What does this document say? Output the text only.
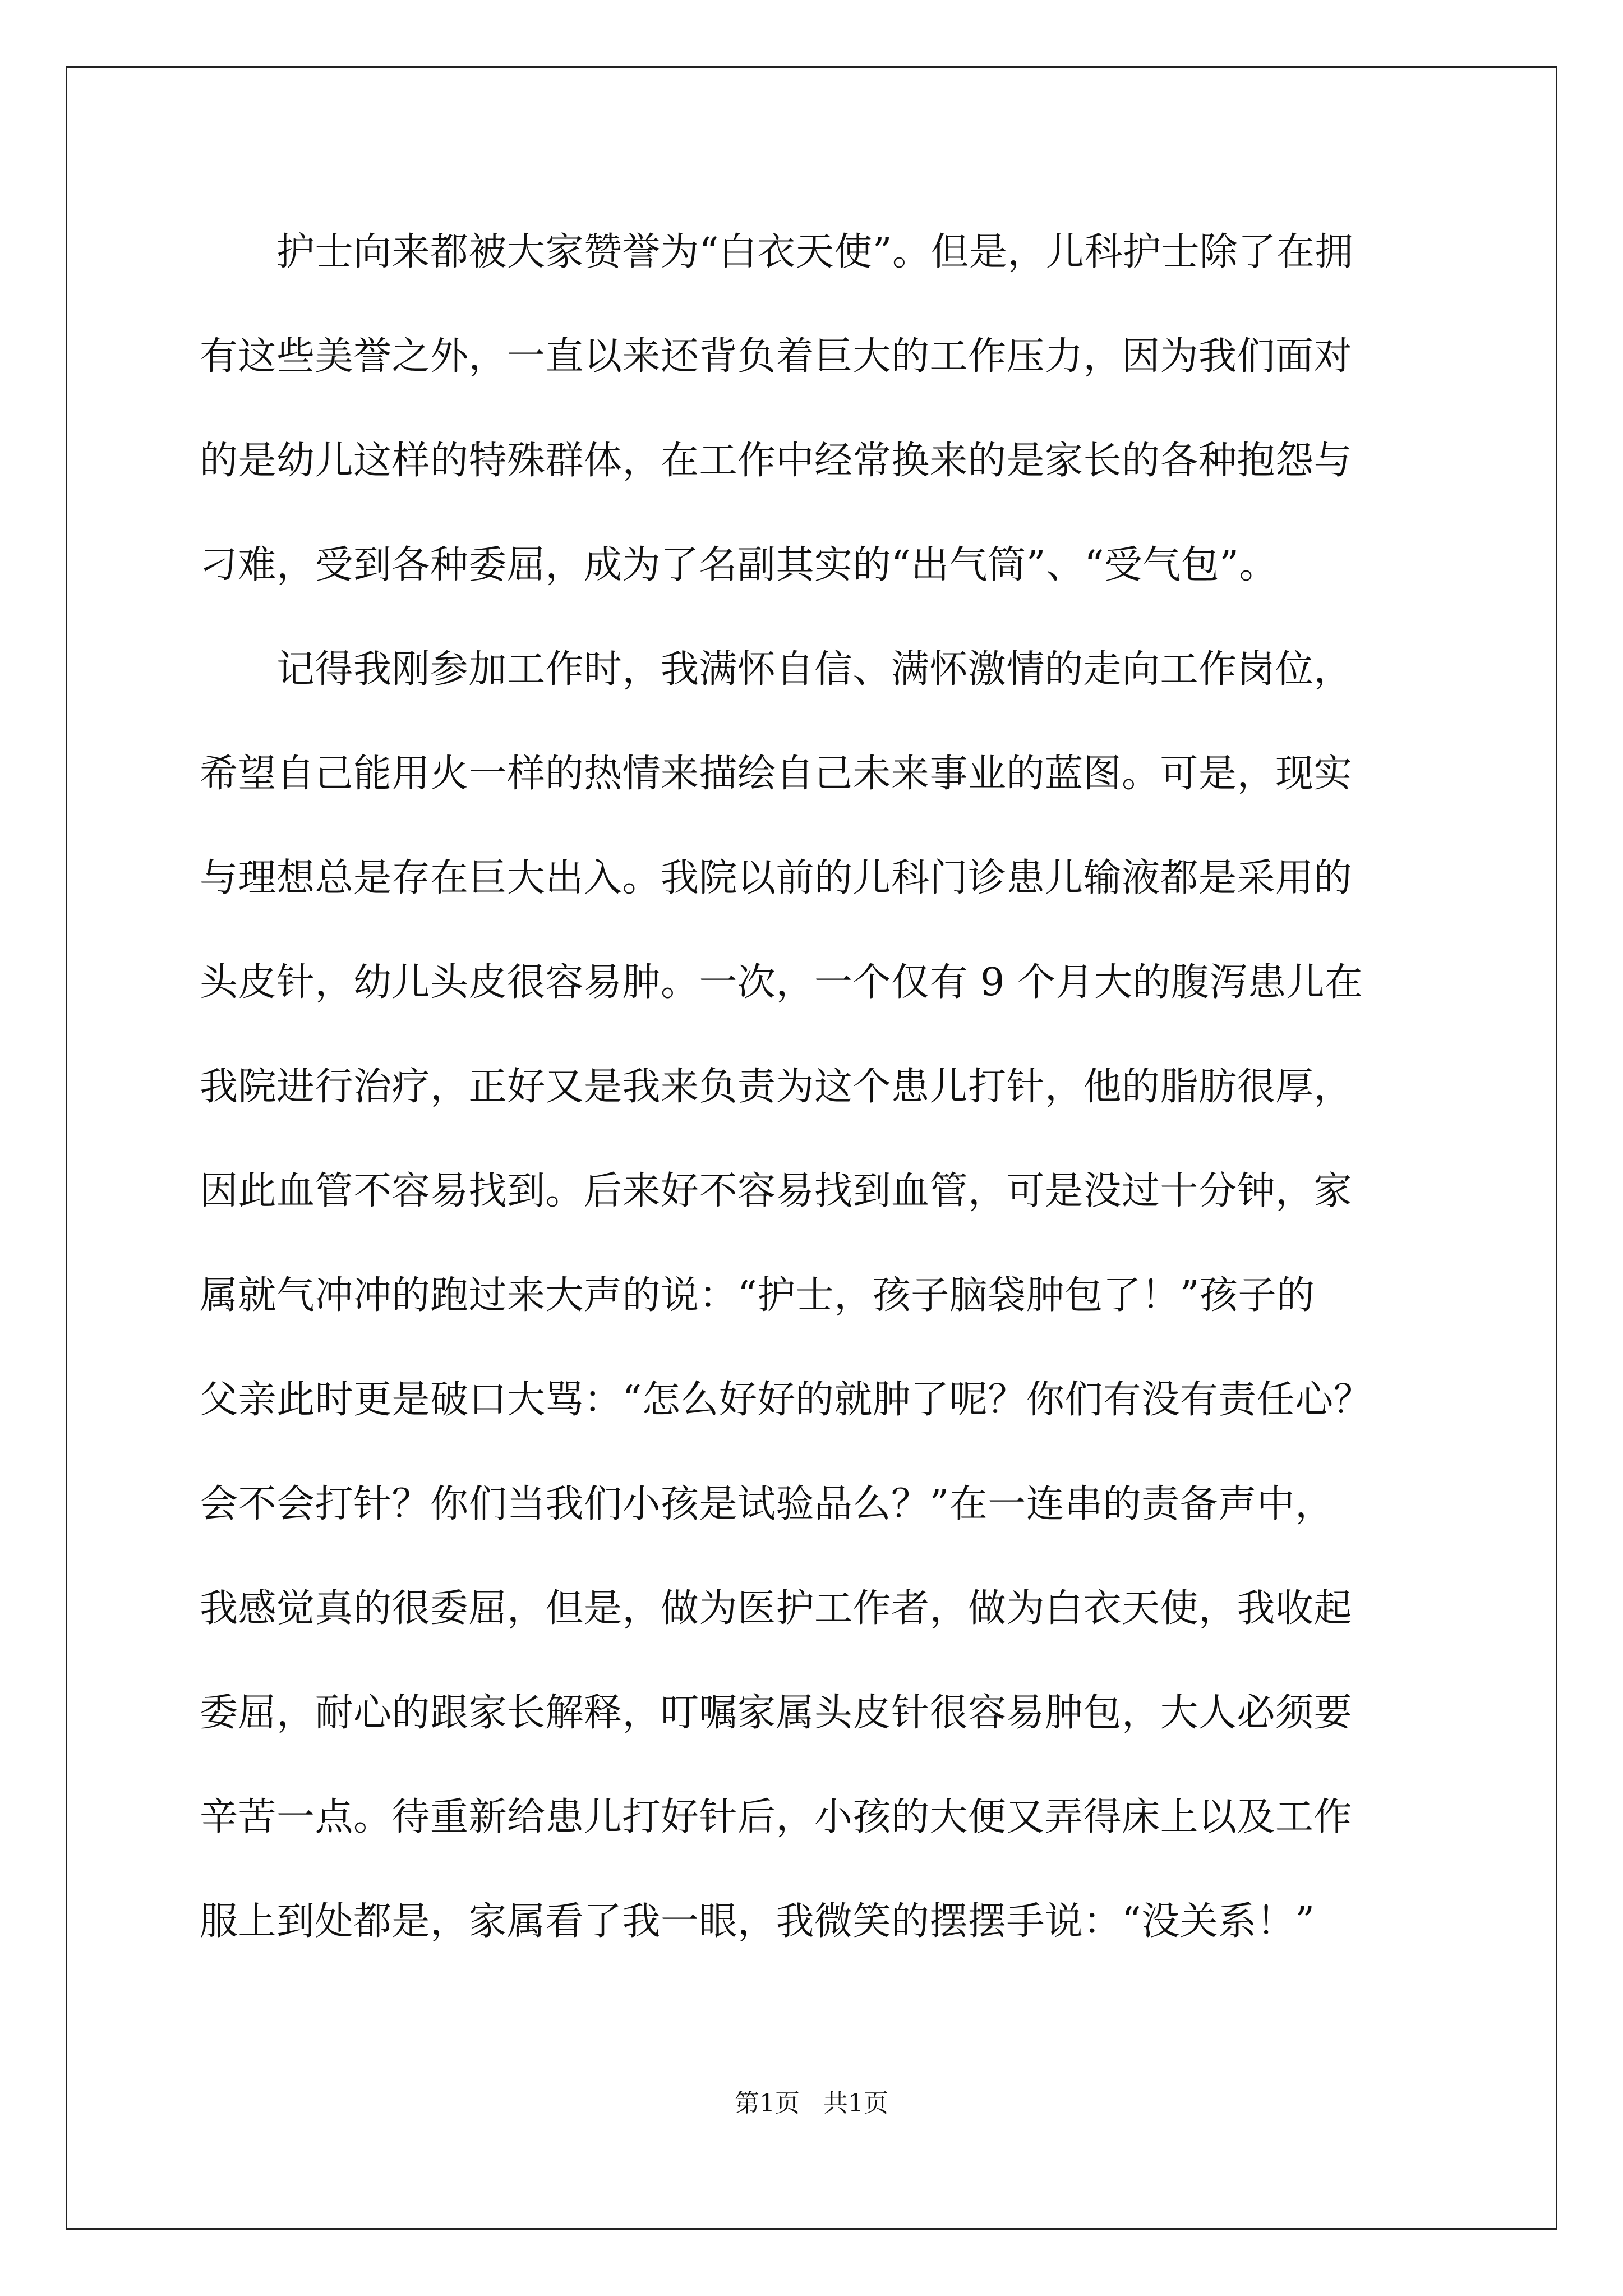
　　护士向来都被大家赞誉为“白衣天使”。但是，儿科护士除了在拥
有这些美誉之外，一直以来还背负着巨大的工作压力，因为我们面对
的是幼儿这样的特殊群体，在工作中经常换来的是家长的各种抱怨与
刁难，受到各种委屈，成为了名副其实的“出气筒”、“受气包”。
　　记得我刚参加工作时，我满怀自信、满怀激情的走向工作岗位，
希望自己能用火一样的热情来描绘自己未来事业的蓝图。可是，现实
与理想总是存在巨大出入。我院以前的儿科门诊患儿输液都是采用的
头皮针，幼儿头皮很容易肿。一次，一个仅有 9 个月大的腹泻患儿在
我院进行治疗，正好又是我来负责为这个患儿打针，他的脂肪很厚，
因此血管不容易找到。后来好不容易找到血管，可是没过十分钟，家
属就气冲冲的跑过来大声的说：“护士，孩子脑袋肿包了！”孩子的
父亲此时更是破口大骂：“怎么好好的就肿了呢？你们有没有责任心？
会不会打针？你们当我们小孩是试验品么？”在一连串的责备声中，
我感觉真的很委屈，但是，做为医护工作者，做为白衣天使，我收起
委屈，耐心的跟家长解释，叮嘱家属头皮针很容易肿包，大人必须要
辛苦一点。待重新给患儿打好针后，小孩的大便又弄得床上以及工作
服上到处都是，家属看了我一眼，我微笑的摆摆手说：“没关系！”
第1页   共1页
